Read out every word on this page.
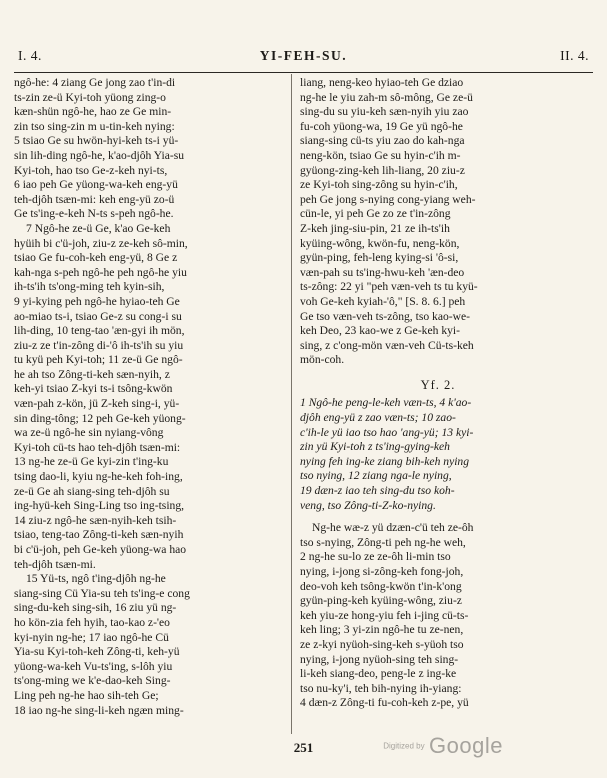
I. 4.	YI-FEH-SU.	II. 4.
ngô-he: 4 ziang Ge jong zao t'in-di
ts-zin ze-ü Kyi-toh yüong zing-o
kæn-shün ngô-he, hao ze Ge min-
zin tso sing-zin m u-tin-keh nying:
5 tsiao Ge su hwön-hyi-keh ts-i yü-
sin lih-ding ngô-he, k'ao-djôh Yia-su
Kyi-toh, hao tso Ge-z-keh nyi-ts,
6 iao peh Ge yüong-wa-keh eng-yü
teh-djôh tsæn-mi: keh eng-yü zo-ü
Ge ts'ing-e-keh N-ts s-peh ngô-he.
7 Ngô-he ze-ü Ge, k'ao Ge-keh
hyüih bi c'ü-joh, ziu-z ze-keh sô-min,
tsiao Ge fu-coh-keh eng-yü, 8 Ge z
kah-nga s-peh ngô-he peh ngô-he yiu
ih-ts'ih ts'ong-ming teh kyin-sih,
9 yi-kying peh ngô-he hyiao-teh Ge
ao-miao ts-i, tsiao Ge-z su cong-i su
lih-ding, 10 teng-tao 'æn-gyi ih mön,
ziu-z ze t'in-zông di-'ô ih-ts'ih su yiu
tu kyü peh Kyi-toh; 11 ze-ü Ge ngô-
he ah tso Zông-ti-keh sæn-nyih, z
keh-yi tsiao Z-kyi ts-i tsông-kwön
væn-pah z-kön, jü Z-keh sing-i, yü-
sin ding-tông; 12 peh Ge-keh yüong-
wa ze-ü ngô-he sin nyiang-vông
Kyi-toh cü-ts hao teh-djôh tsæn-mi:
13 ng-he ze-ü Ge kyi-zin t'ing-ku
tsing dao-li, kyiu ng-he-keh foh-ing,
ze-ü Ge ah siang-sing teh-djôh su
ing-hyü-keh Sing-Ling tso ing-tsing,
14 ziu-z ngô-he sæn-nyih-keh tsih-
tsiao, teng-tao Zông-ti-keh sæn-nyih
bi c'ü-joh, peh Ge-keh yüong-wa hao
teh-djôh tsæn-mi.
15 Yü-ts, ngô t'ing-djôh ng-he
siang-sing Cü Yia-su teh ts'ing-e cong
sing-du-keh sing-sih, 16 ziu yü ng-
ho kön-zia feh hyih, tao-kao z-'eo
kyi-nyin ng-he; 17 iao ngô-he Cü
Yia-su Kyi-toh-keh Zông-ti, keh-yü
yüong-wa-keh Vu-ts'ing, s-lôh yiu
ts'ong-ming we k'e-dao-keh Sing-
Ling peh ng-he hao sih-teh Ge;
18 iao ng-he sing-li-keh ngæn ming-
liang, neng-keo hyiao-teh Ge dziao
ng-he le yiu zah-m sô-mông, Ge ze-ü
sing-du su yiu-keh sæn-nyih yiu zao
fu-coh yüong-wa, 19 Ge yü ngô-he
siang-sing cü-ts yiu zao do kah-nga
neng-kön, tsiao Ge su hyin-c'ih m-
gyüong-zing-keh lih-liang, 20 ziu-z
ze Kyi-toh sing-zông su hyin-c'ih,
peh Ge jong s-nying cong-yiang weh-
cün-le, yi peh Ge zo ze t'in-zông
Z-keh jing-siu-pin, 21 ze ih-ts'ih
kyüing-wông, kwön-fu, neng-kön,
gyün-ping, feh-leng kying-si 'ô-si,
væn-pah su ts'ing-hwu-keh 'æn-deo
ts-zông: 22 yi "peh væn-veh ts tu kyü-
voh Ge-keh kyiah-'ô," [S. 8. 6.] peh
Ge tso væn-veh ts-zông, tso kao-we-
keh Deo, 23 kao-we z Ge-keh kyi-
sing, z c'ong-mön væn-veh Cü-ts-keh
mön-coh.
Yf. 2.
1 Ngô-he peng-le-keh væn-ts, 4 k'ao-
djôh eng-yü z zao væn-ts; 10 zao-
c'ih-le yü iao tso hao 'ang-yü; 13 kyi-
zin yü Kyi-toh z ts'ing-gying-keh
nying feh ing-ke ziang bih-keh nying
tso nying, 12 ziang nga-le nying,
19 dæn-z iao teh sing-du tso koh-
veng, tso Zông-ti-Z-ko-nying.
Ng-he wæ-z yü dzæn-c'ü teh ze-ôh
tso s-nying, Zông-ti peh ng-he weh,
2 ng-he su-lo ze ze-ôh li-min tso
nying, i-jong si-zông-keh fong-joh,
deo-voh keh tsông-kwön t'in-k'ong
gyün-ping-keh kyüing-wông, ziu-z
keh yiu-ze hong-yiu feh i-jing cü-ts-
keh ling; 3 yi-zin ngô-he tu ze-nen,
ze z-kyi nyüoh-sing-keh s-yüoh tso
nying, i-jong nyüoh-sing teh sing-
li-keh siang-deo, peng-le z ing-ke
tso nu-ky'i, teh bih-nying ih-yiang:
4 dæn-z Zông-ti fu-coh-keh z-pe, yü
251	Digitized by Google
